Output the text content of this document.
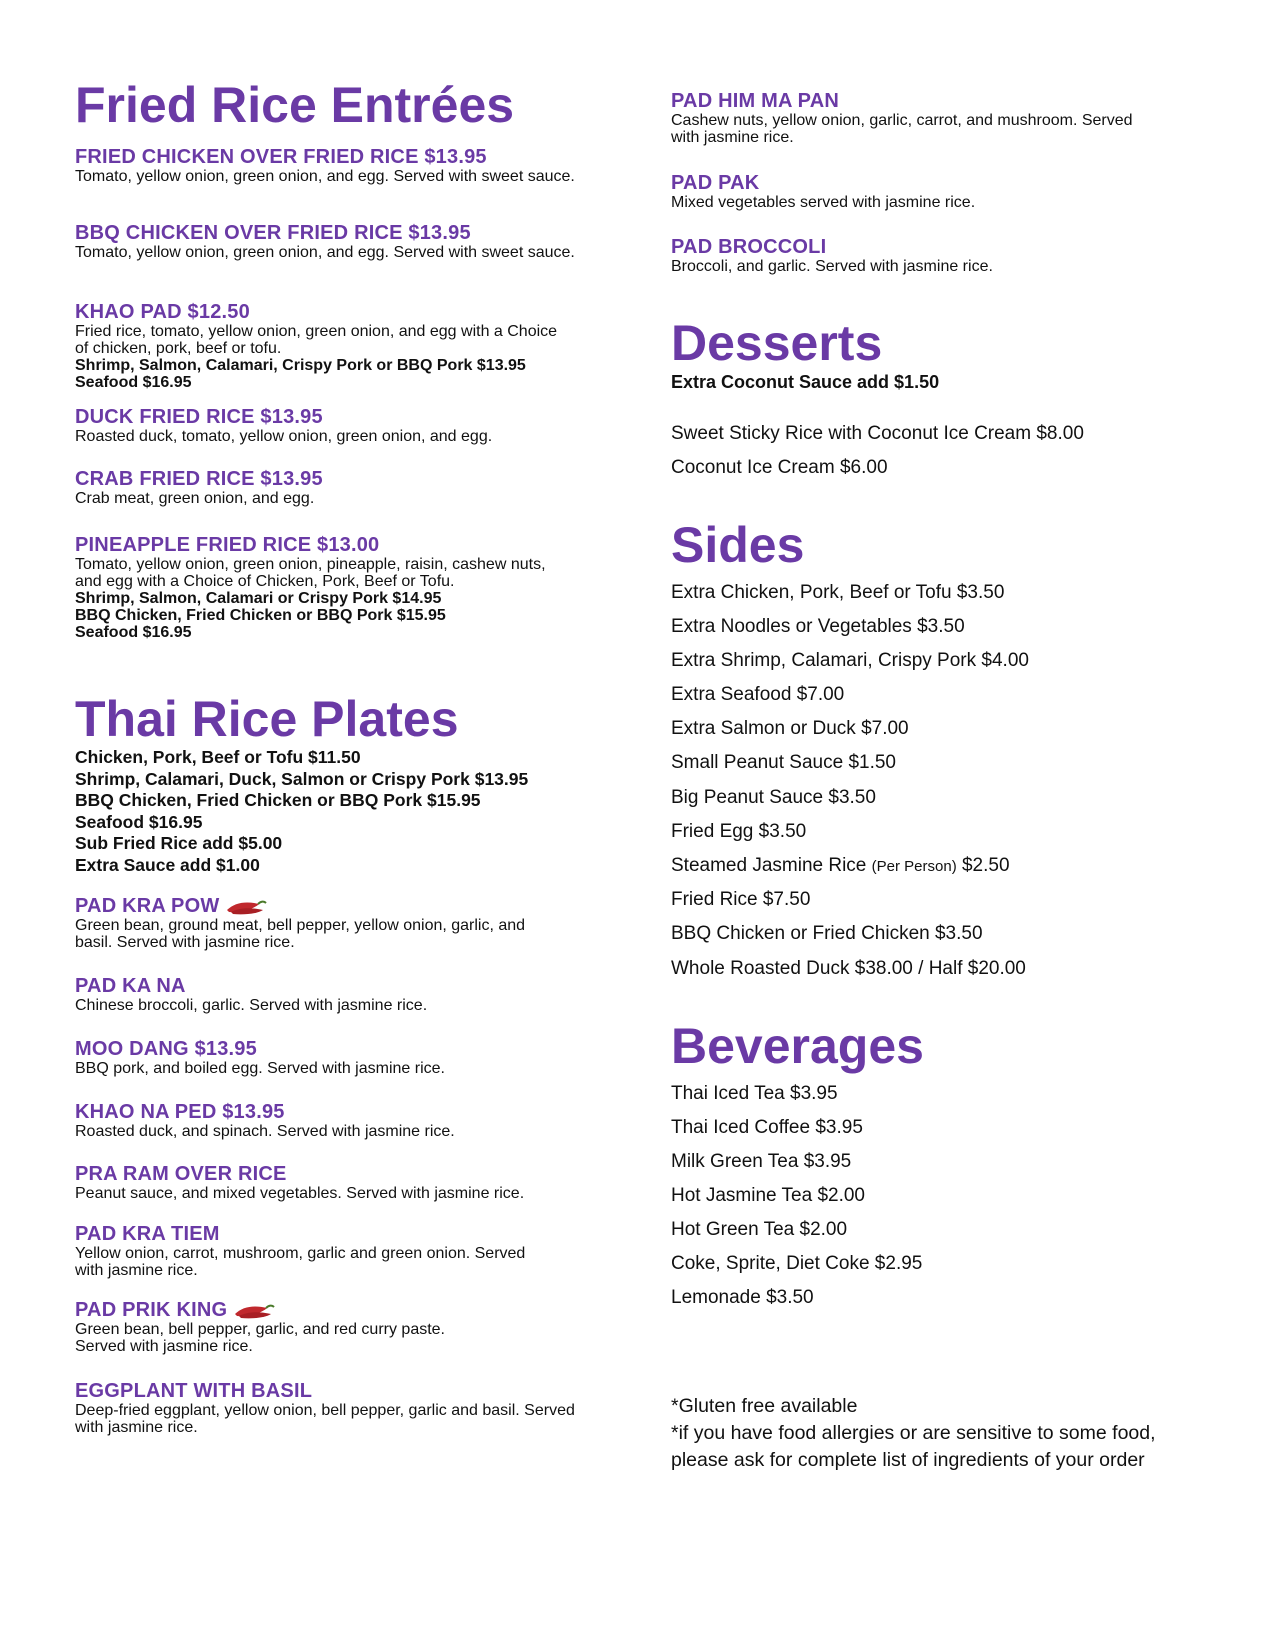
Fried Rice Entrées
FRIED CHICKEN OVER FRIED RICE $13.95
Tomato, yellow onion, green onion, and egg. Served with sweet sauce.
BBQ CHICKEN OVER FRIED RICE $13.95
Tomato, yellow onion, green onion, and egg. Served with sweet sauce.
KHAO PAD $12.50
Fried rice, tomato, yellow onion, green onion, and egg with a Choice of chicken, pork, beef or tofu.
Shrimp, Salmon, Calamari, Crispy Pork or BBQ Pork $13.95
Seafood $16.95
DUCK FRIED RICE $13.95
Roasted duck, tomato, yellow onion, green onion, and egg.
CRAB FRIED RICE $13.95
Crab meat, green onion, and egg.
PINEAPPLE FRIED RICE $13.00
Tomato, yellow onion, green onion, pineapple, raisin, cashew nuts, and egg with a Choice of Chicken, Pork, Beef or Tofu.
Shrimp, Salmon, Calamari or Crispy Pork $14.95
BBQ Chicken, Fried Chicken or BBQ Pork $15.95
Seafood $16.95
Thai Rice Plates
Chicken, Pork, Beef or Tofu $11.50
Shrimp, Calamari, Duck, Salmon or Crispy Pork $13.95
BBQ Chicken, Fried Chicken or BBQ Pork $15.95
Seafood $16.95
Sub Fried Rice add $5.00
Extra Sauce add $1.00
PAD KRA POW
Green bean, ground meat, bell pepper, yellow onion, garlic, and basil. Served with jasmine rice.
PAD KA NA
Chinese broccoli, garlic. Served with jasmine rice.
MOO DANG $13.95
BBQ pork, and boiled egg. Served with jasmine rice.
KHAO NA PED $13.95
Roasted duck, and spinach. Served with jasmine rice.
PRA RAM OVER RICE
Peanut sauce, and mixed vegetables. Served with jasmine rice.
PAD KRA TIEM
Yellow onion, carrot, mushroom, garlic and green onion. Served with jasmine rice.
PAD PRIK KING
Green bean, bell pepper, garlic, and red curry paste. Served with jasmine rice.
EGGPLANT WITH BASIL
Deep-fried eggplant, yellow onion, bell pepper, garlic and basil. Served with jasmine rice.
PAD HIM MA PAN
Cashew nuts, yellow onion, garlic, carrot, and mushroom. Served with jasmine rice.
PAD PAK
Mixed vegetables served with jasmine rice.
PAD BROCCOLI
Broccoli, and garlic. Served with jasmine rice.
Desserts
Extra Coconut Sauce add $1.50
Sweet Sticky Rice with Coconut Ice Cream $8.00
Coconut Ice Cream $6.00
Sides
Extra Chicken, Pork, Beef or Tofu $3.50
Extra Noodles or Vegetables $3.50
Extra Shrimp, Calamari, Crispy Pork $4.00
Extra Seafood $7.00
Extra Salmon or Duck $7.00
Small Peanut Sauce $1.50
Big Peanut Sauce $3.50
Fried Egg $3.50
Steamed Jasmine Rice (Per Person) $2.50
Fried Rice $7.50
BBQ Chicken or Fried Chicken $3.50
Whole Roasted Duck $38.00 / Half $20.00
Beverages
Thai Iced Tea $3.95
Thai Iced Coffee $3.95
Milk Green Tea $3.95
Hot Jasmine Tea $2.00
Hot Green Tea $2.00
Coke, Sprite, Diet Coke $2.95
Lemonade $3.50
*Gluten free available
*if you have food allergies or are sensitive to some food, please ask for complete list of ingredients of your order
